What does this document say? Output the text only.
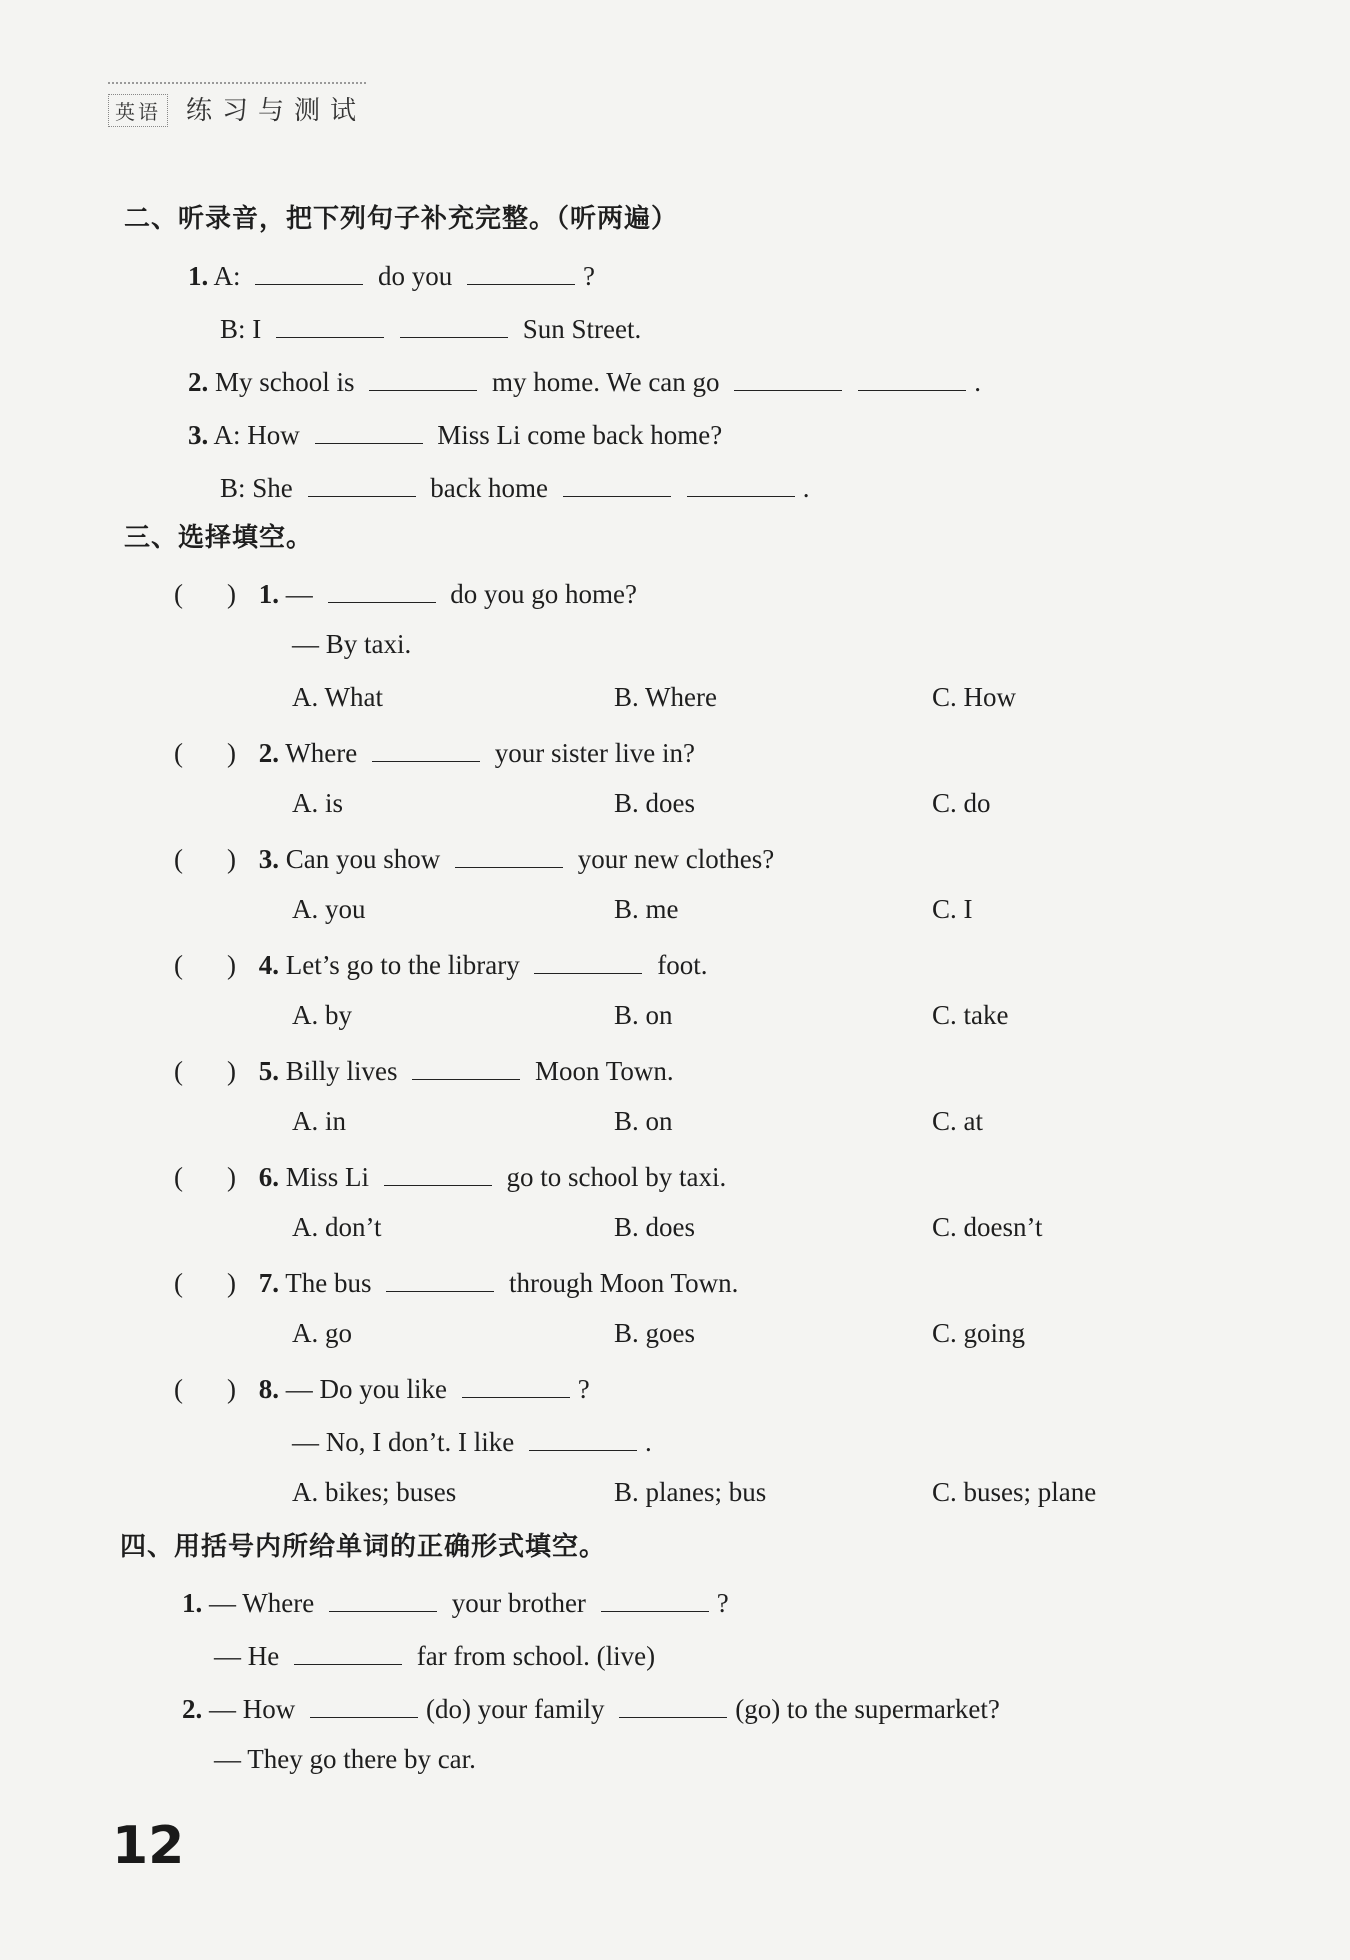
英语 练习与测试
二、听录音，把下列句子补充完整。（听两遍）
1. A:	do you	?
B: I	Sun Street.
2. My school is	my home. We can go	.
3. A: How	Miss Li come back home?
B: She	back home	.
三、选择填空。
( ) 1. —	do you go home?
— By taxi.
A. What	B. Where	C. How
( ) 2. Where	your sister live in?
A. is	B. does	C. do
( ) 3. Can you show	your new clothes?
A. you	B. me	C. I
( ) 4. Let’s go to the library	foot.
A. by	B. on	C. take
( ) 5. Billy lives	Moon Town.
A. in	B. on	C. at
( ) 6. Miss Li	go to school by taxi.
A. don’t	B. does	C. doesn’t
( ) 7. The bus	through Moon Town.
A. go	B. goes	C. going
( ) 8. — Do you like	?
— No, I don’t. I like	.
A. bikes; buses	B. planes; bus	C. buses; plane
四、用括号内所给单词的正确形式填空。
1. — Where	your brother	?
— He	far from school. (live)
2. — How	(do) your family	(go) to the supermarket?
— They go there by car.
12
